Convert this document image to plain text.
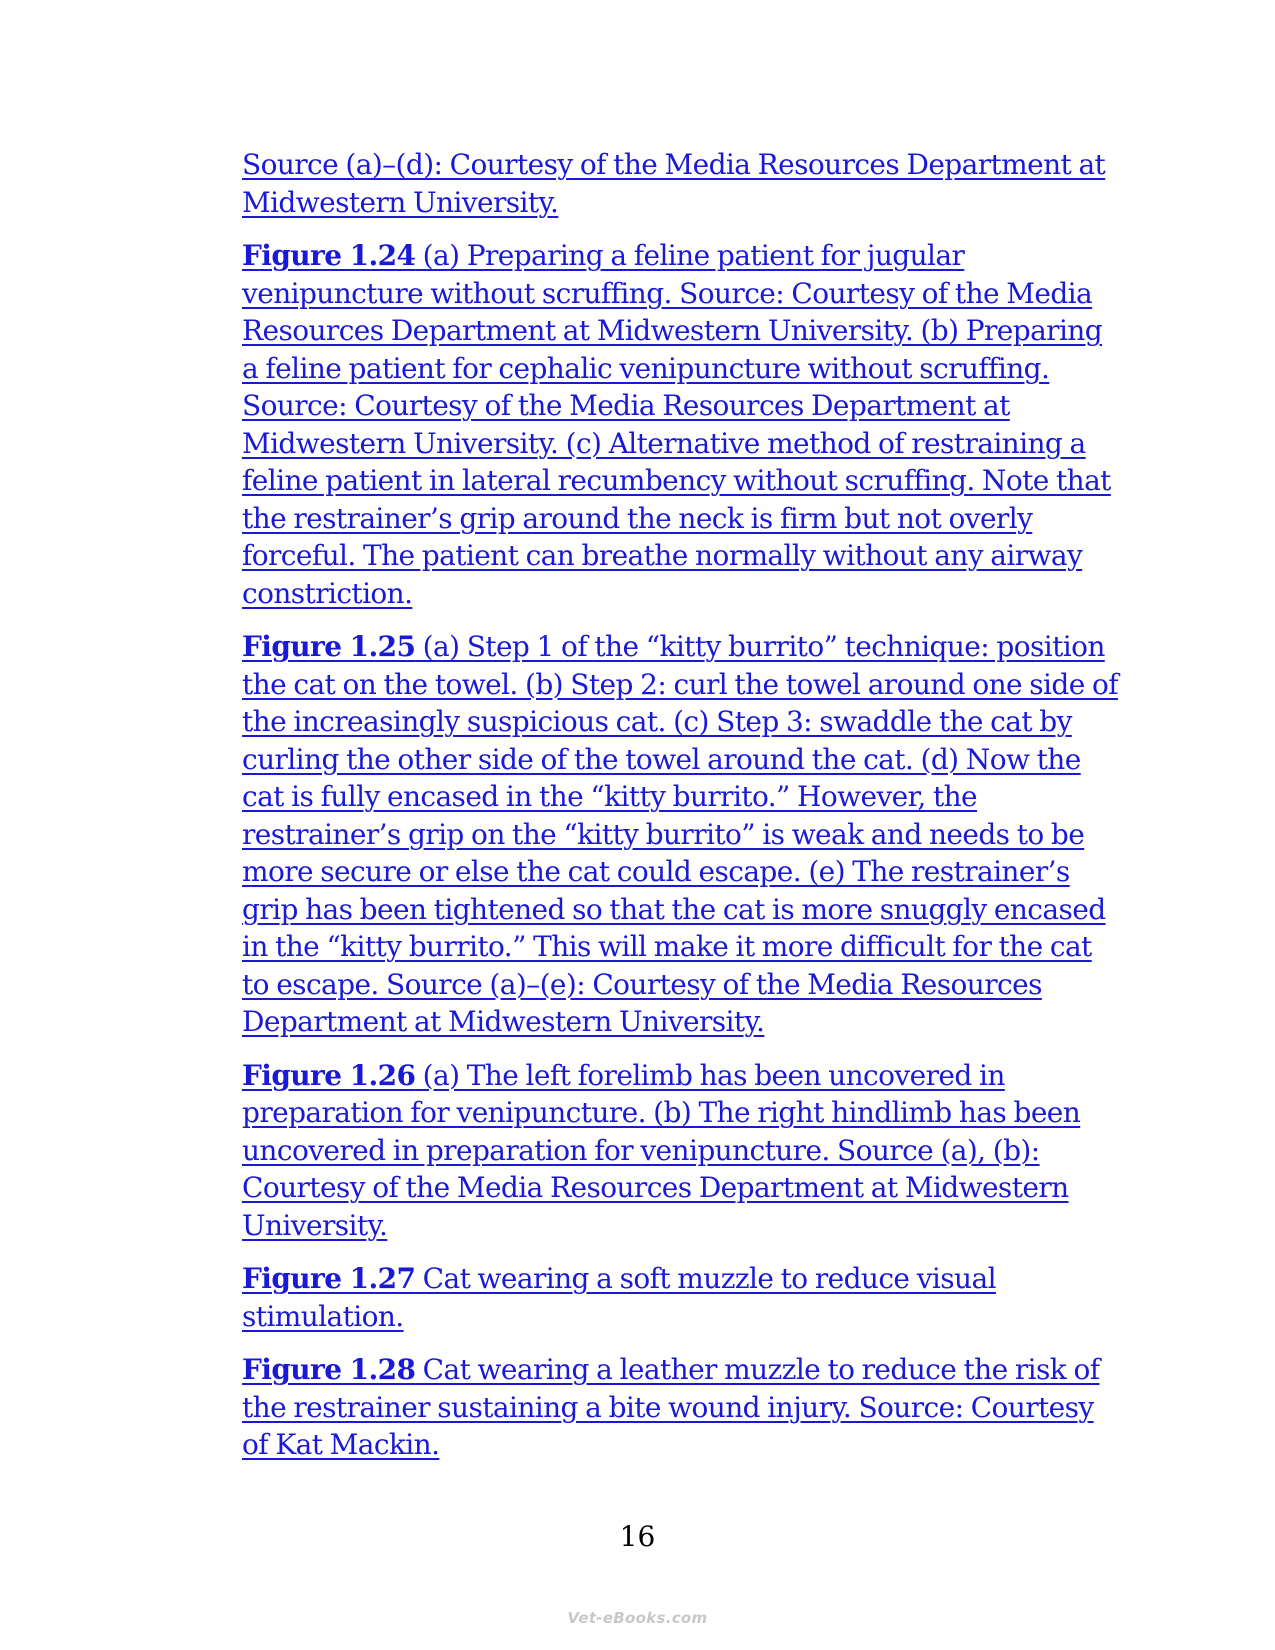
Source (a)–(d): Courtesy of the Media Resources Department at Midwestern University.

Figure 1.24 (a) Preparing a feline patient for jugular venipuncture without scruffing. Source: Courtesy of the Media Resources Department at Midwestern University. (b) Preparing a feline patient for cephalic venipuncture without scruffing. Source: Courtesy of the Media Resources Department at Midwestern University. (c) Alternative method of restraining a feline patient in lateral recumbency without scruffing. Note that the restrainer’s grip around the neck is firm but not overly forceful. The patient can breathe normally without any airway constriction.

Figure 1.25 (a) Step 1 of the “kitty burrito” technique: position the cat on the towel. (b) Step 2: curl the towel around one side of the increasingly suspicious cat. (c) Step 3: swaddle the cat by curling the other side of the towel around the cat. (d) Now the cat is fully encased in the “kitty burrito.” However, the restrainer’s grip on the “kitty burrito” is weak and needs to be more secure or else the cat could escape. (e) The restrainer’s grip has been tightened so that the cat is more snuggly encased in the “kitty burrito.” This will make it more difficult for the cat to escape. Source (a)–(e): Courtesy of the Media Resources Department at Midwestern University.

Figure 1.26 (a) The left forelimb has been uncovered in preparation for venipuncture. (b) The right hindlimb has been uncovered in preparation for venipuncture. Source (a), (b): Courtesy of the Media Resources Department at Midwestern University.

Figure 1.27 Cat wearing a soft muzzle to reduce visual stimulation.

Figure 1.28 Cat wearing a leather muzzle to reduce the risk of the restrainer sustaining a bite wound injury. Source: Courtesy of Kat Mackin.

16
Vet-eBooks.com
